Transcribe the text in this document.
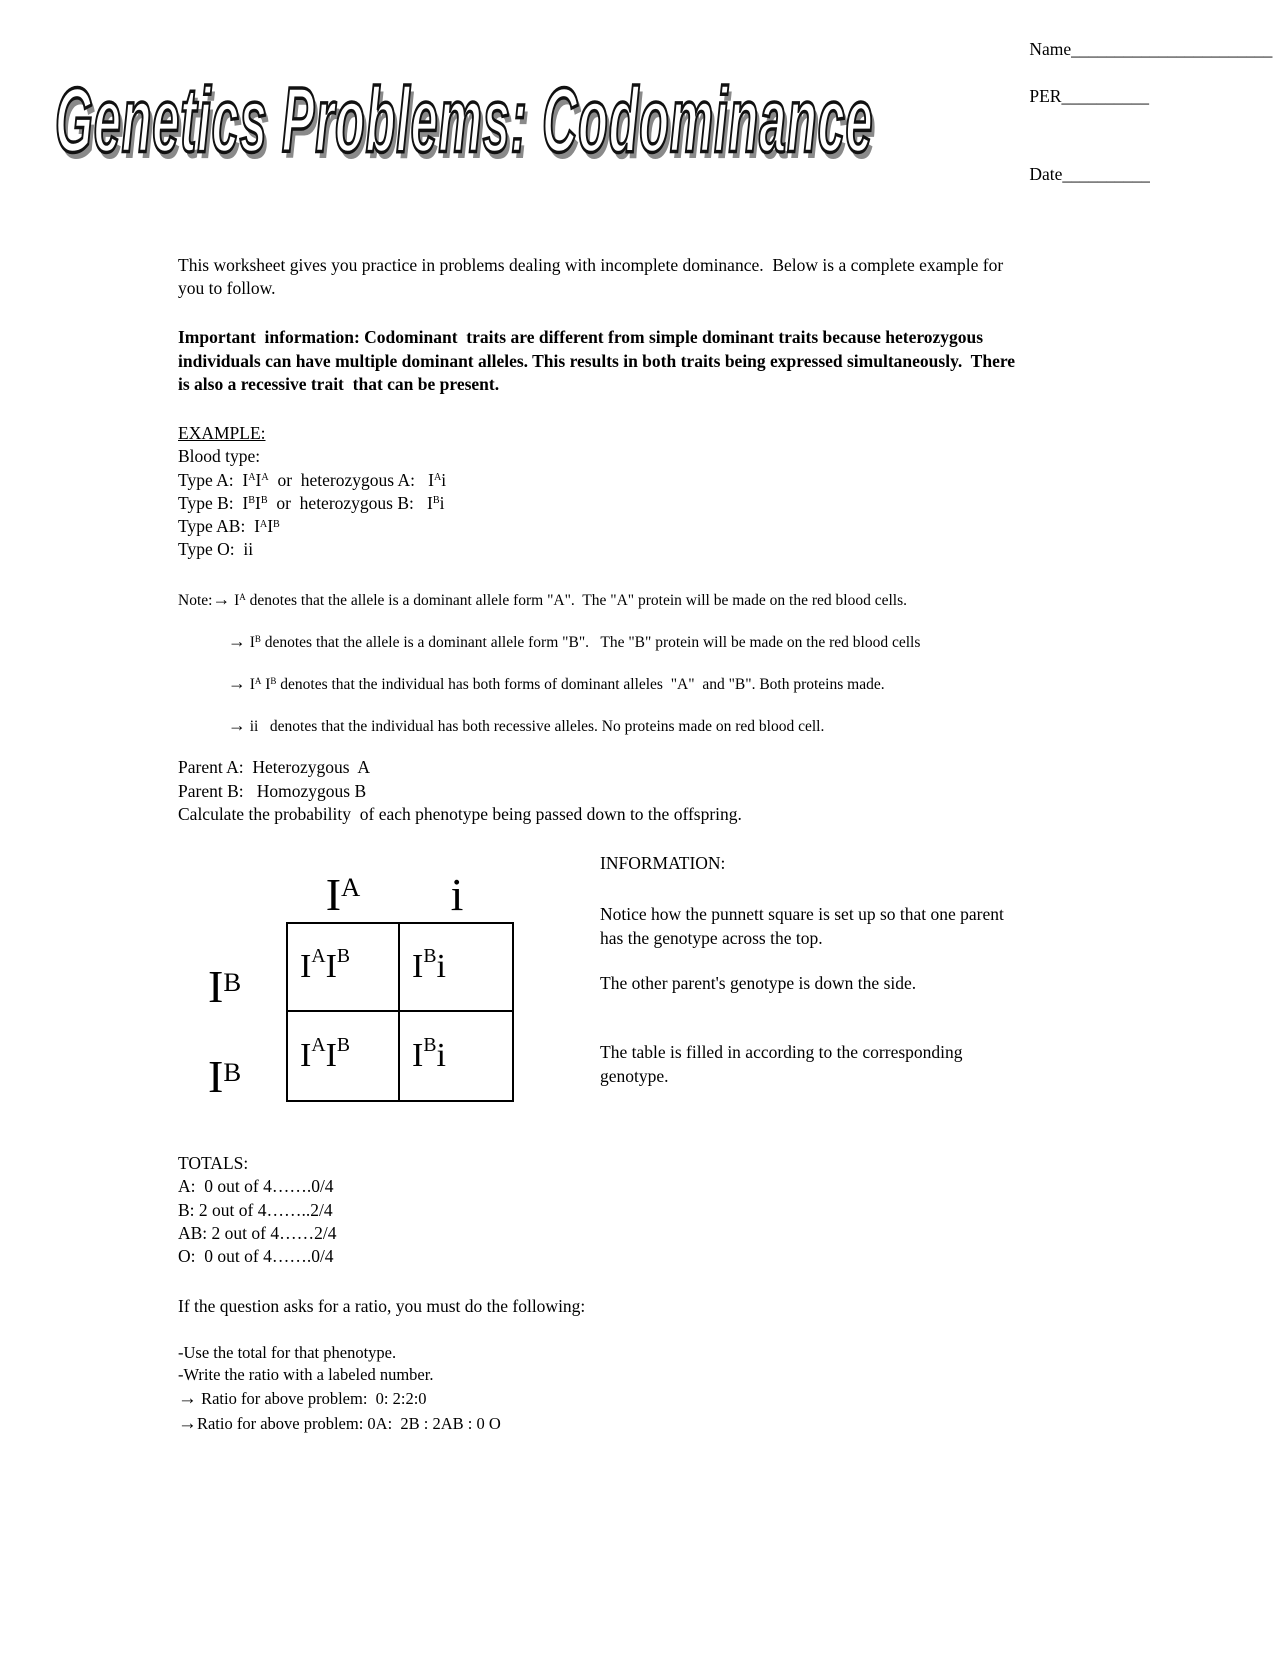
Genetics Problems: Codominance
Name_______________________
PER__________
Date__________

This worksheet gives you practice in problems dealing with incomplete dominance.  Below is a complete example for you to follow.

Important  information: Codominant  traits are different from simple dominant traits because heterozygous individuals can have multiple dominant alleles. This results in both traits being expressed simultaneously.  There  is also a recessive trait  that can be present.

EXAMPLE:
Blood type:
Type A:  $I^AI^A$  or  heterozygous A:   $I^Ai$
Type B:  $I^BI^B$  or  heterozygous B:   $I^Bi$
Type AB:  $I^AI^B$
Type O:  ii
Note:→ $I^A$ denotes that the allele is a dominant allele form "A".  The "A" protein will be made on the red blood cells.
→ $I^B$ denotes that the allele is a dominant allele form "B".   The "B" protein will be made on the red blood cells
→ $I^A$ $I^B$ denotes that the individual has both forms of dominant alleles  "A"  and "B". Both proteins made.
→ ii   denotes that the individual has both recessive alleles. No proteins made on red blood cell.
Parent A:  Heterozygous  A
Parent B:   Homozygous B
Calculate the probability  of each phenotype being passed down to the offspring.
$I^A$	i
$I^B$
$I^B$
$I^A$ $I^B$	$I^B$ i
$I^A$ $I^B$	$I^B$ i
INFORMATION:

Notice how the punnett square is set up so that one parent has the genotype across the top.

The other parent's genotype is down the side.

The table is filled in according to the corresponding genotype.

TOTALS:
A:  0 out of 4…….0/4
B: 2 out of 4……..2/4
AB: 2 out of 4……2/4
O:  0 out of 4…….0/4

If the question asks for a ratio, you must do the following:

-Use the total for that phenotype.
-Write the ratio with a labeled number.
→ Ratio for above problem:  0: 2:2:0
→Ratio for above problem: 0A:  2B : 2AB : 0 O
